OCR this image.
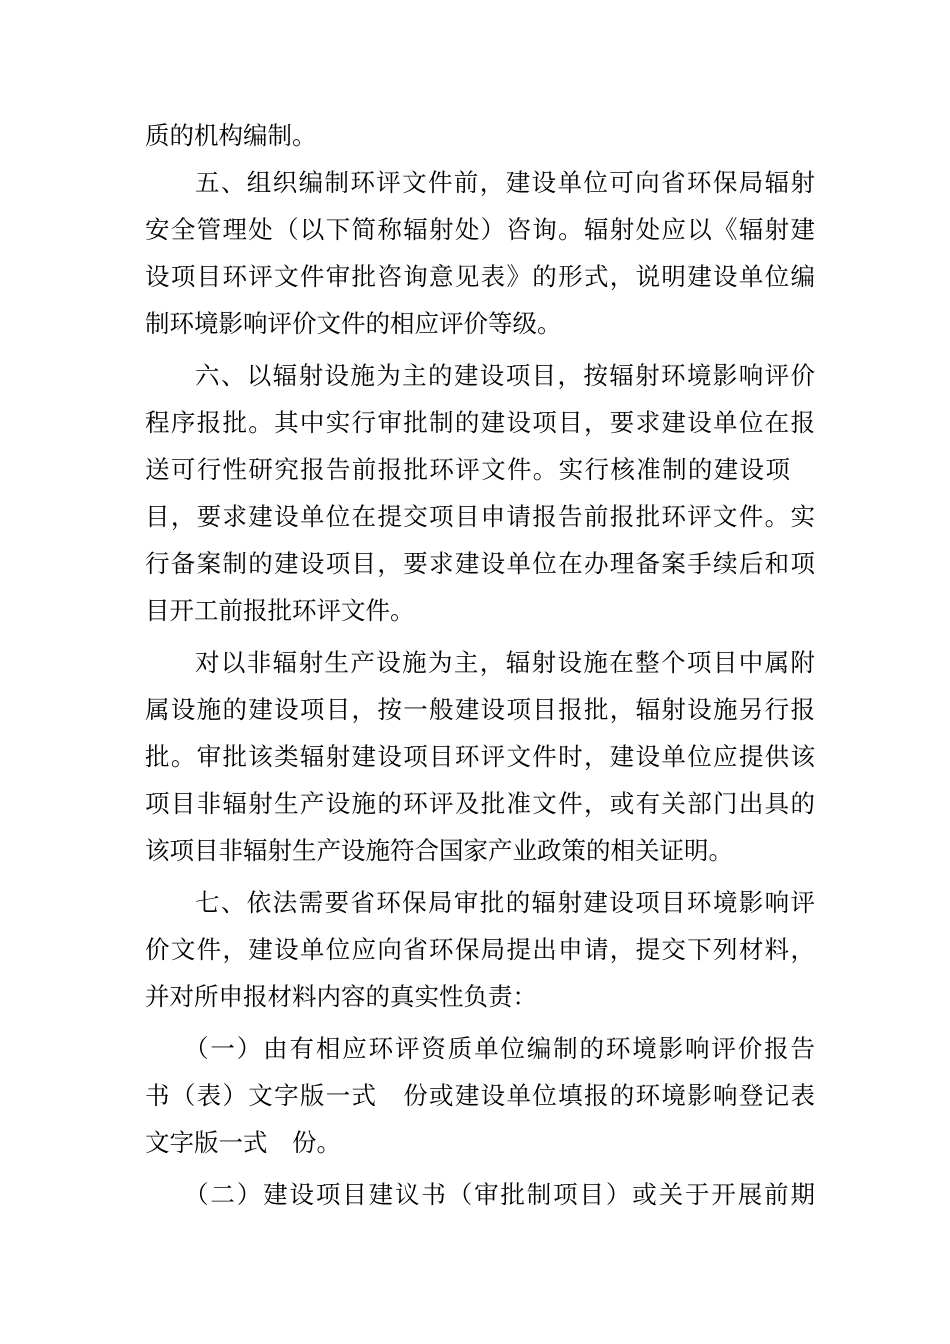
质的机构编制。
五、组织编制环评文件前，建设单位可向省环保局辐射
安全管理处（以下简称辐射处）咨询。辐射处应以《辐射建
设项目环评文件审批咨询意见表》的形式，说明建设单位编
制环境影响评价文件的相应评价等级。
六、以辐射设施为主的建设项目，按辐射环境影响评价
程序报批。其中实行审批制的建设项目，要求建设单位在报
送可行性研究报告前报批环评文件。实行核准制的建设项
目，要求建设单位在提交项目申请报告前报批环评文件。实
行备案制的建设项目，要求建设单位在办理备案手续后和项
目开工前报批环评文件。
对以非辐射生产设施为主，辐射设施在整个项目中属附
属设施的建设项目，按一般建设项目报批，辐射设施另行报
批。审批该类辐射建设项目环评文件时，建设单位应提供该
项目非辐射生产设施的环评及批准文件，或有关部门出具的
该项目非辐射生产设施符合国家产业政策的相关证明。
七、依法需要省环保局审批的辐射建设项目环境影响评
价文件，建设单位应向省环保局提出申请，提交下列材料，
并对所申报材料内容的真实性负责：
（一）由有相应环评资质单位编制的环境影响评价报告
书（表）文字版一式　份或建设单位填报的环境影响登记表
文字版一式　份。
（二）建设项目建议书（审批制项目）或关于开展前期
